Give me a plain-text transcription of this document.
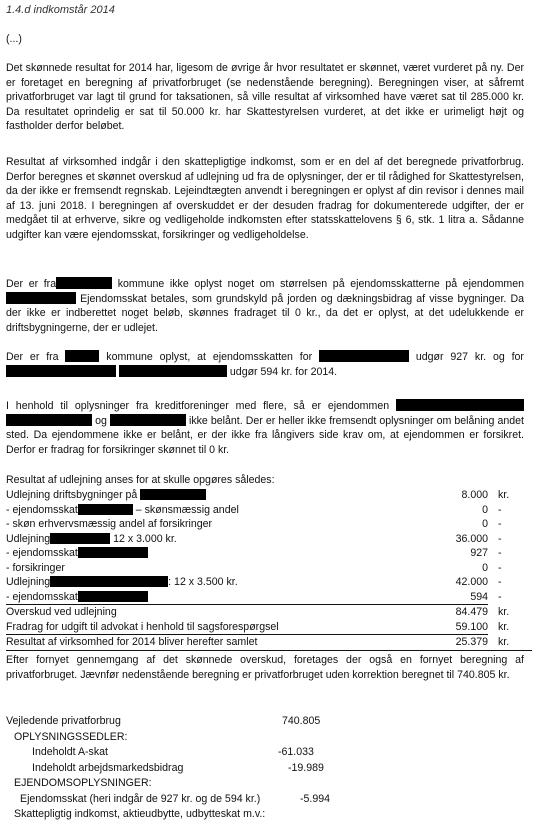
1.4.d indkomstår 2014
(...)

Det skønnede resultat for 2014 har, ligesom de øvrige år hvor resultatet er skønnet, været vurderet på ny. Der er foretaget en beregning af privatforbruget (se nedenstående beregning). Beregningen viser, at såfremt privatforbruget var lagt til grund for taksationen, så ville resultat af virksomhed have været sat til 285.000 kr. Da resultatet oprindelig er sat til 50.000 kr. har Skattestyrelsen vurderet, at det ikke er urimeligt højt og fastholder derfor beløbet.

Resultat af virksomhed indgår i den skattepligtige indkomst, som er en del af det beregnede privatforbrug. Derfor beregnes et skønnet overskud af udlejning ud fra de oplysninger, der er til rådighed for Skattestyrelsen, da der ikke er fremsendt regnskab. Lejeindtægten anvendt i beregningen er oplyst af din revisor i dennes mail af 13. juni 2018. I beregningen af overskuddet er der desuden fradrag for dokumenterede udgifter, der er medgået til at erhverve, sikre og vedligeholde indkomsten efter statsskattelovens § 6, stk. 1 litra a. Sådanne udgifter kan være ejendomsskat, forsikringer og vedligeholdelse.

Der er fra	kommune ikke oplyst noget om størrelsen på ejendomsskatterne på ejendommen  Ejendomsskat betales, som grundskyld på jorden og dækningsbidrag af visse bygninger. Da der ikke er indberettet noget beløb, skønnes fradraget til 0 kr., da det er oplyst, at det udelukkende er driftsbygningerne, der er udlejet.

Der er fra	kommune oplyst, at ejendomsskatten for	udgør 927 kr. og for   udgør 594 kr. for 2014.

I henhold til oplysninger fra kreditforeninger med flere, så er ejendommen   og	ikke belånt. Der er heller ikke fremsendt oplysninger om belåning andet sted. Da ejendommene ikke er belånt, er der ikke fra långivers side krav om, at ejendommen er forsikret. Derfor er fradrag for forsikringer skønnet til 0 kr.

Resultat af udlejning anses for at skulle opgøres således:
Udlejning driftsbygninger på	8.000	kr.
- ejendomsskat – skønsmæssig andel	0	-
- skøn erhvervsmæssig andel af forsikringer	0	-
Udlejning 12 x 3.000 kr.	36.000	-
- ejendomsskat	927	-
- forsikringer	0	-
Udlejning : 12 x 3.500 kr.	42.000	-
- ejendomsskat	594	-
Overskud ved udlejning	84.479	kr.
Fradrag for udgift til advokat i henhold til sagsforespørgsel	59.100	kr.
Resultat af virksomhed for 2014 bliver herefter samlet	25.379	kr.

Efter fornyet gennemgang af det skønnede overskud, foretages der også en fornyet beregning af privatforbruget. Jævnfør nedenstående beregning er privatforbruget uden korrektion beregnet til 740.805 kr.

Vejledende privatforbrug	740.805
OPLYSNINGSSEDLER:
Indeholdt A-skat	-61.033
Indeholdt arbejdsmarkedsbidrag	-19.989
EJENDOMSOPLYSNINGER:
Ejendomsskat (heri indgår de 927 kr. og de 594 kr.)	-5.994
Skattepligtig indkomst, aktieudbytte, udbytteskat m.v.:
